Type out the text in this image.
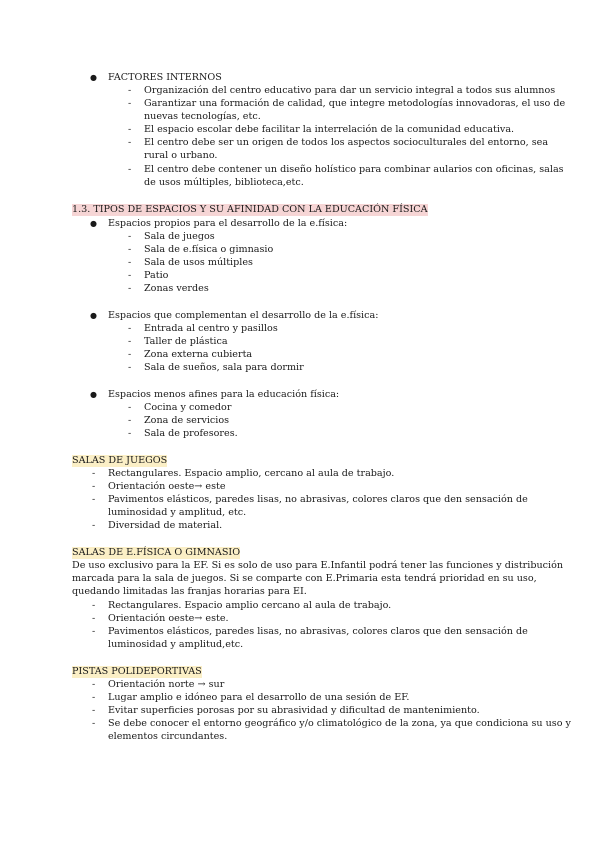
● FACTORES INTERNOS
- Organización del centro educativo para dar un servicio integral a todos sus alumnos
- Garantizar una formación de calidad, que integre metodologías innovadoras, el uso de
nuevas tecnologías, etc.
- El espacio escolar debe facilitar la interrelación de la comunidad educativa.
- El centro debe ser un origen de todos los aspectos socioculturales del entorno, sea
rural o urbano.
- El centro debe contener un diseño holístico para combinar aularios con oficinas, salas
de usos múltiples, biblioteca,etc.
1.3. TIPOS DE ESPACIOS Y SU AFINIDAD CON LA EDUCACIÓN FÍSICA
● Espacios propios para el desarrollo de la e.física:
- Sala de juegos
- Sala de e.física o gimnasio
- Sala de usos múltiples
- Patio
- Zonas verdes
● Espacios que complementan el desarrollo de la e.física:
- Entrada al centro y pasillos
- Taller de plástica
- Zona externa cubierta
- Sala de sueños, sala para dormir
● Espacios menos afines para la educación física:
- Cocina y comedor
- Zona de servicios
- Sala de profesores.
SALAS DE JUEGOS
- Rectangulares. Espacio amplio, cercano al aula de trabajo.
- Orientación oeste→ este
- Pavimentos elásticos, paredes lisas, no abrasivas, colores claros que den sensación de
luminosidad y amplitud, etc.
- Diversidad de material.
SALAS DE E.FÍSICA O GIMNASIO
De uso exclusivo para la EF. Si es solo de uso para E.Infantil podrá tener las funciones y distribución
marcada para la sala de juegos. Si se comparte con E.Primaria esta tendrá prioridad en su uso,
quedando limitadas las franjas horarias para EI.
- Rectangulares. Espacio amplio cercano al aula de trabajo.
- Orientación oeste→ este.
- Pavimentos elásticos, paredes lisas, no abrasivas, colores claros que den sensación de
luminosidad y amplitud,etc.
PISTAS POLIDEPORTIVAS
- Orientación norte → sur
- Lugar amplio e idóneo para el desarrollo de una sesión de EF.
- Evitar superficies porosas por su abrasividad y dificultad de mantenimiento.
- Se debe conocer el entorno geográfico y/o climatológico de la zona, ya que condiciona su uso y
elementos circundantes.
